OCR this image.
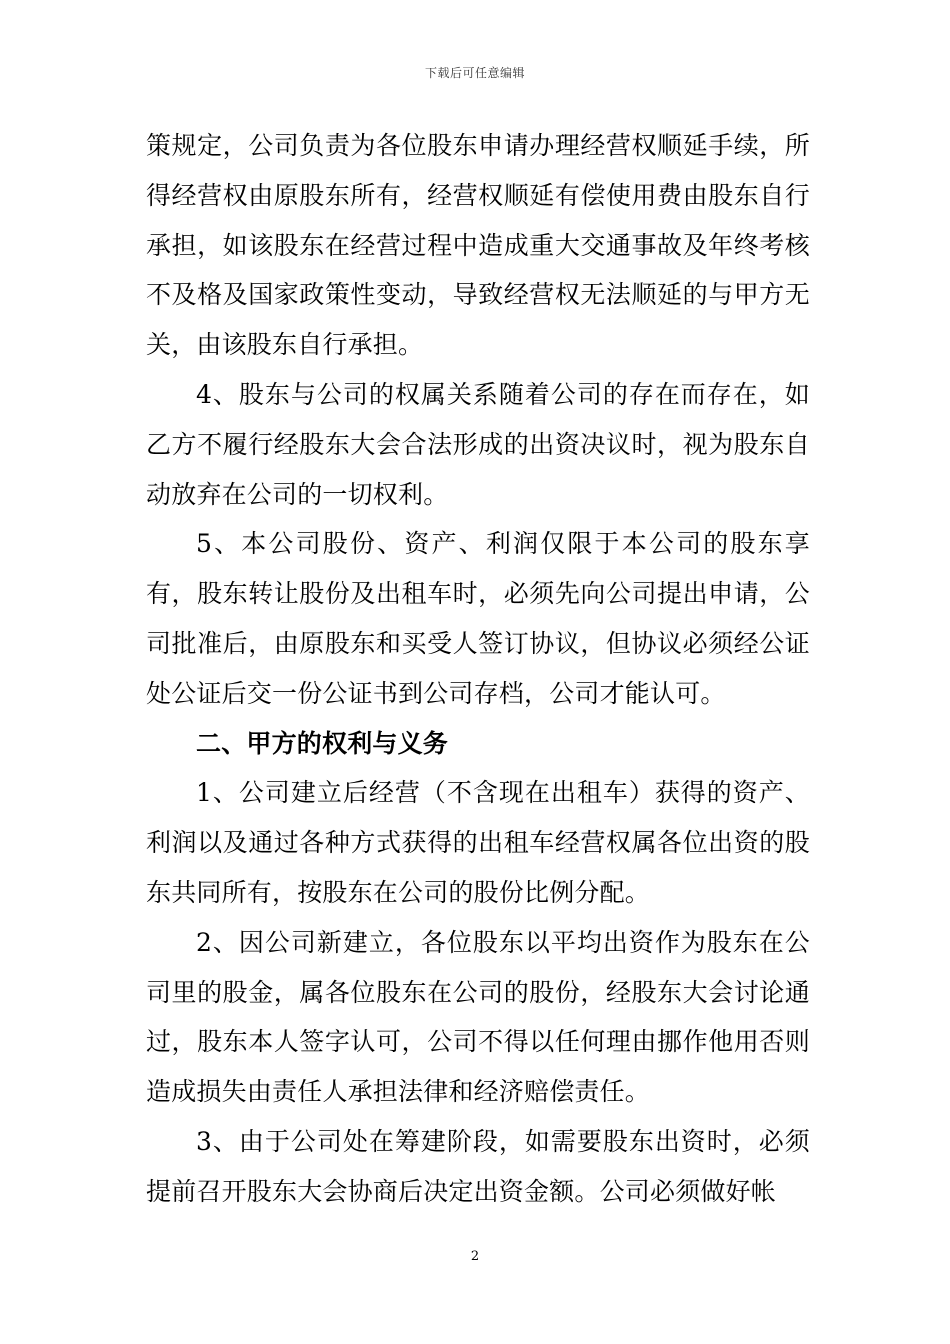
下载后可任意编辑

策规定，公司负责为各位股东申请办理经营权顺延手续，所得经营权由原股东所有，经营权顺延有偿使用费由股东自行承担，如该股东在经营过程中造成重大交通事故及年终考核不及格及国家政策性变动，导致经营权无法顺延的与甲方无关，由该股东自行承担。

4、股东与公司的权属关系随着公司的存在而存在，如乙方不履行经股东大会合法形成的出资决议时，视为股东自动放弃在公司的一切权利。

5、本公司股份、资产、利润仅限于本公司的股东享有，股东转让股份及出租车时，必须先向公司提出申请，公司批准后，由原股东和买受人签订协议，但协议必须经公证处公证后交一份公证书到公司存档，公司才能认可。

二、甲方的权利与义务

1、公司建立后经营（不含现在出租车）获得的资产、利润以及通过各种方式获得的出租车经营权属各位出资的股东共同所有，按股东在公司的股份比例分配。

2、因公司新建立，各位股东以平均出资作为股东在公司里的股金，属各位股东在公司的股份，经股东大会讨论通过，股东本人签字认可，公司不得以任何理由挪作他用否则造成损失由责任人承担法律和经济赔偿责任。

3、由于公司处在筹建阶段，如需要股东出资时，必须提前召开股东大会协商后决定出资金额。公司必须做好帐

2
